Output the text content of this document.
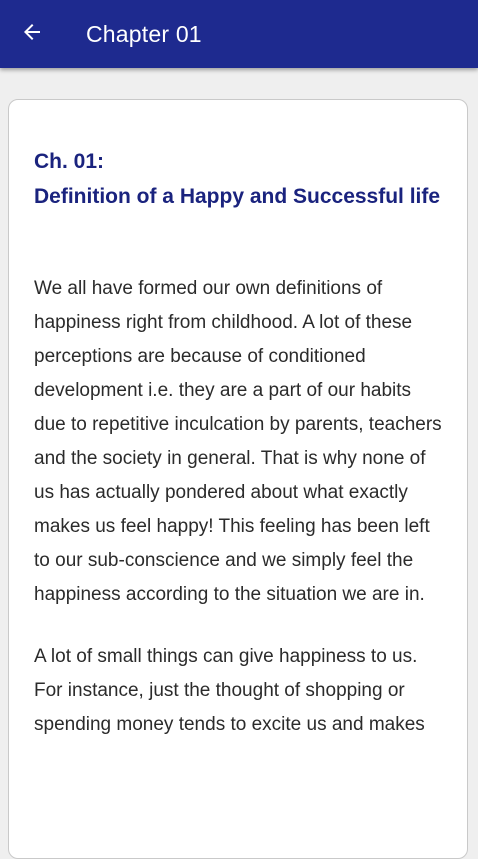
Chapter 01
Ch. 01:
Definition of a Happy and Successful life

We all have formed our own definitions of happiness right from childhood. A lot of these perceptions are because of conditioned development i.e. they are a part of our habits due to repetitive inculcation by parents, teachers and the society in general. That is why none of us has actually pondered about what exactly makes us feel happy! This feeling has been left to our sub-conscience and we simply feel the happiness according to the situation we are in.

A lot of small things can give happiness to us. For instance, just the thought of shopping or spending money tends to excite us and makes
